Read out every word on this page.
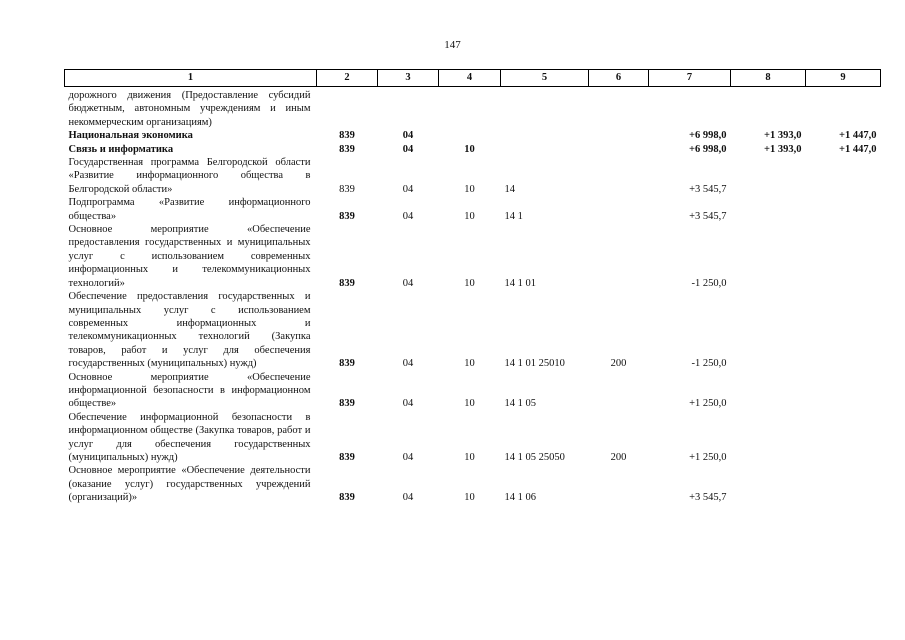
147
1	2	3	4	5	6	7	8	9
дорожного движения (Предоставление субсидий бюджетным, автономным учреждениям и иным некоммерческим организациям)								
Национальная экономика	839	04				+6 998,0	+1 393,0	+1 447,0
Связь и информатика	839	04	10			+6 998,0	+1 393,0	+1 447,0
Государственная программа Белгородской области «Развитие информационного общества в Белгородской области»	839	04	10	14		+3 545,7		
Подпрограмма «Развитие информационного общества»	839	04	10	14 1		+3 545,7		
Основное мероприятие «Обеспечение предоставления государственных и муниципальных услуг с использованием современных информационных и телекоммуникационных технологий»	839	04	10	14 1 01		-1 250,0		
Обеспечение предоставления государственных и муниципальных услуг с использованием современных информационных и телекоммуникационных технологий (Закупка товаров, работ и услуг для обеспечения государственных (муниципальных) нужд)	839	04	10	14 1 01 25010	200	-1 250,0		
Основное мероприятие «Обеспечение информационной безопасности в информационном обществе»	839	04	10	14 1 05		+1 250,0		
Обеспечение информационной безопасности в информационном обществе (Закупка товаров, работ и услуг для обеспечения государственных (муниципальных) нужд)	839	04	10	14 1 05 25050	200	+1 250,0		
Основное мероприятие «Обеспечение деятельности (оказание услуг) государственных учреждений (организаций)»	839	04	10	14 1 06		+3 545,7		
